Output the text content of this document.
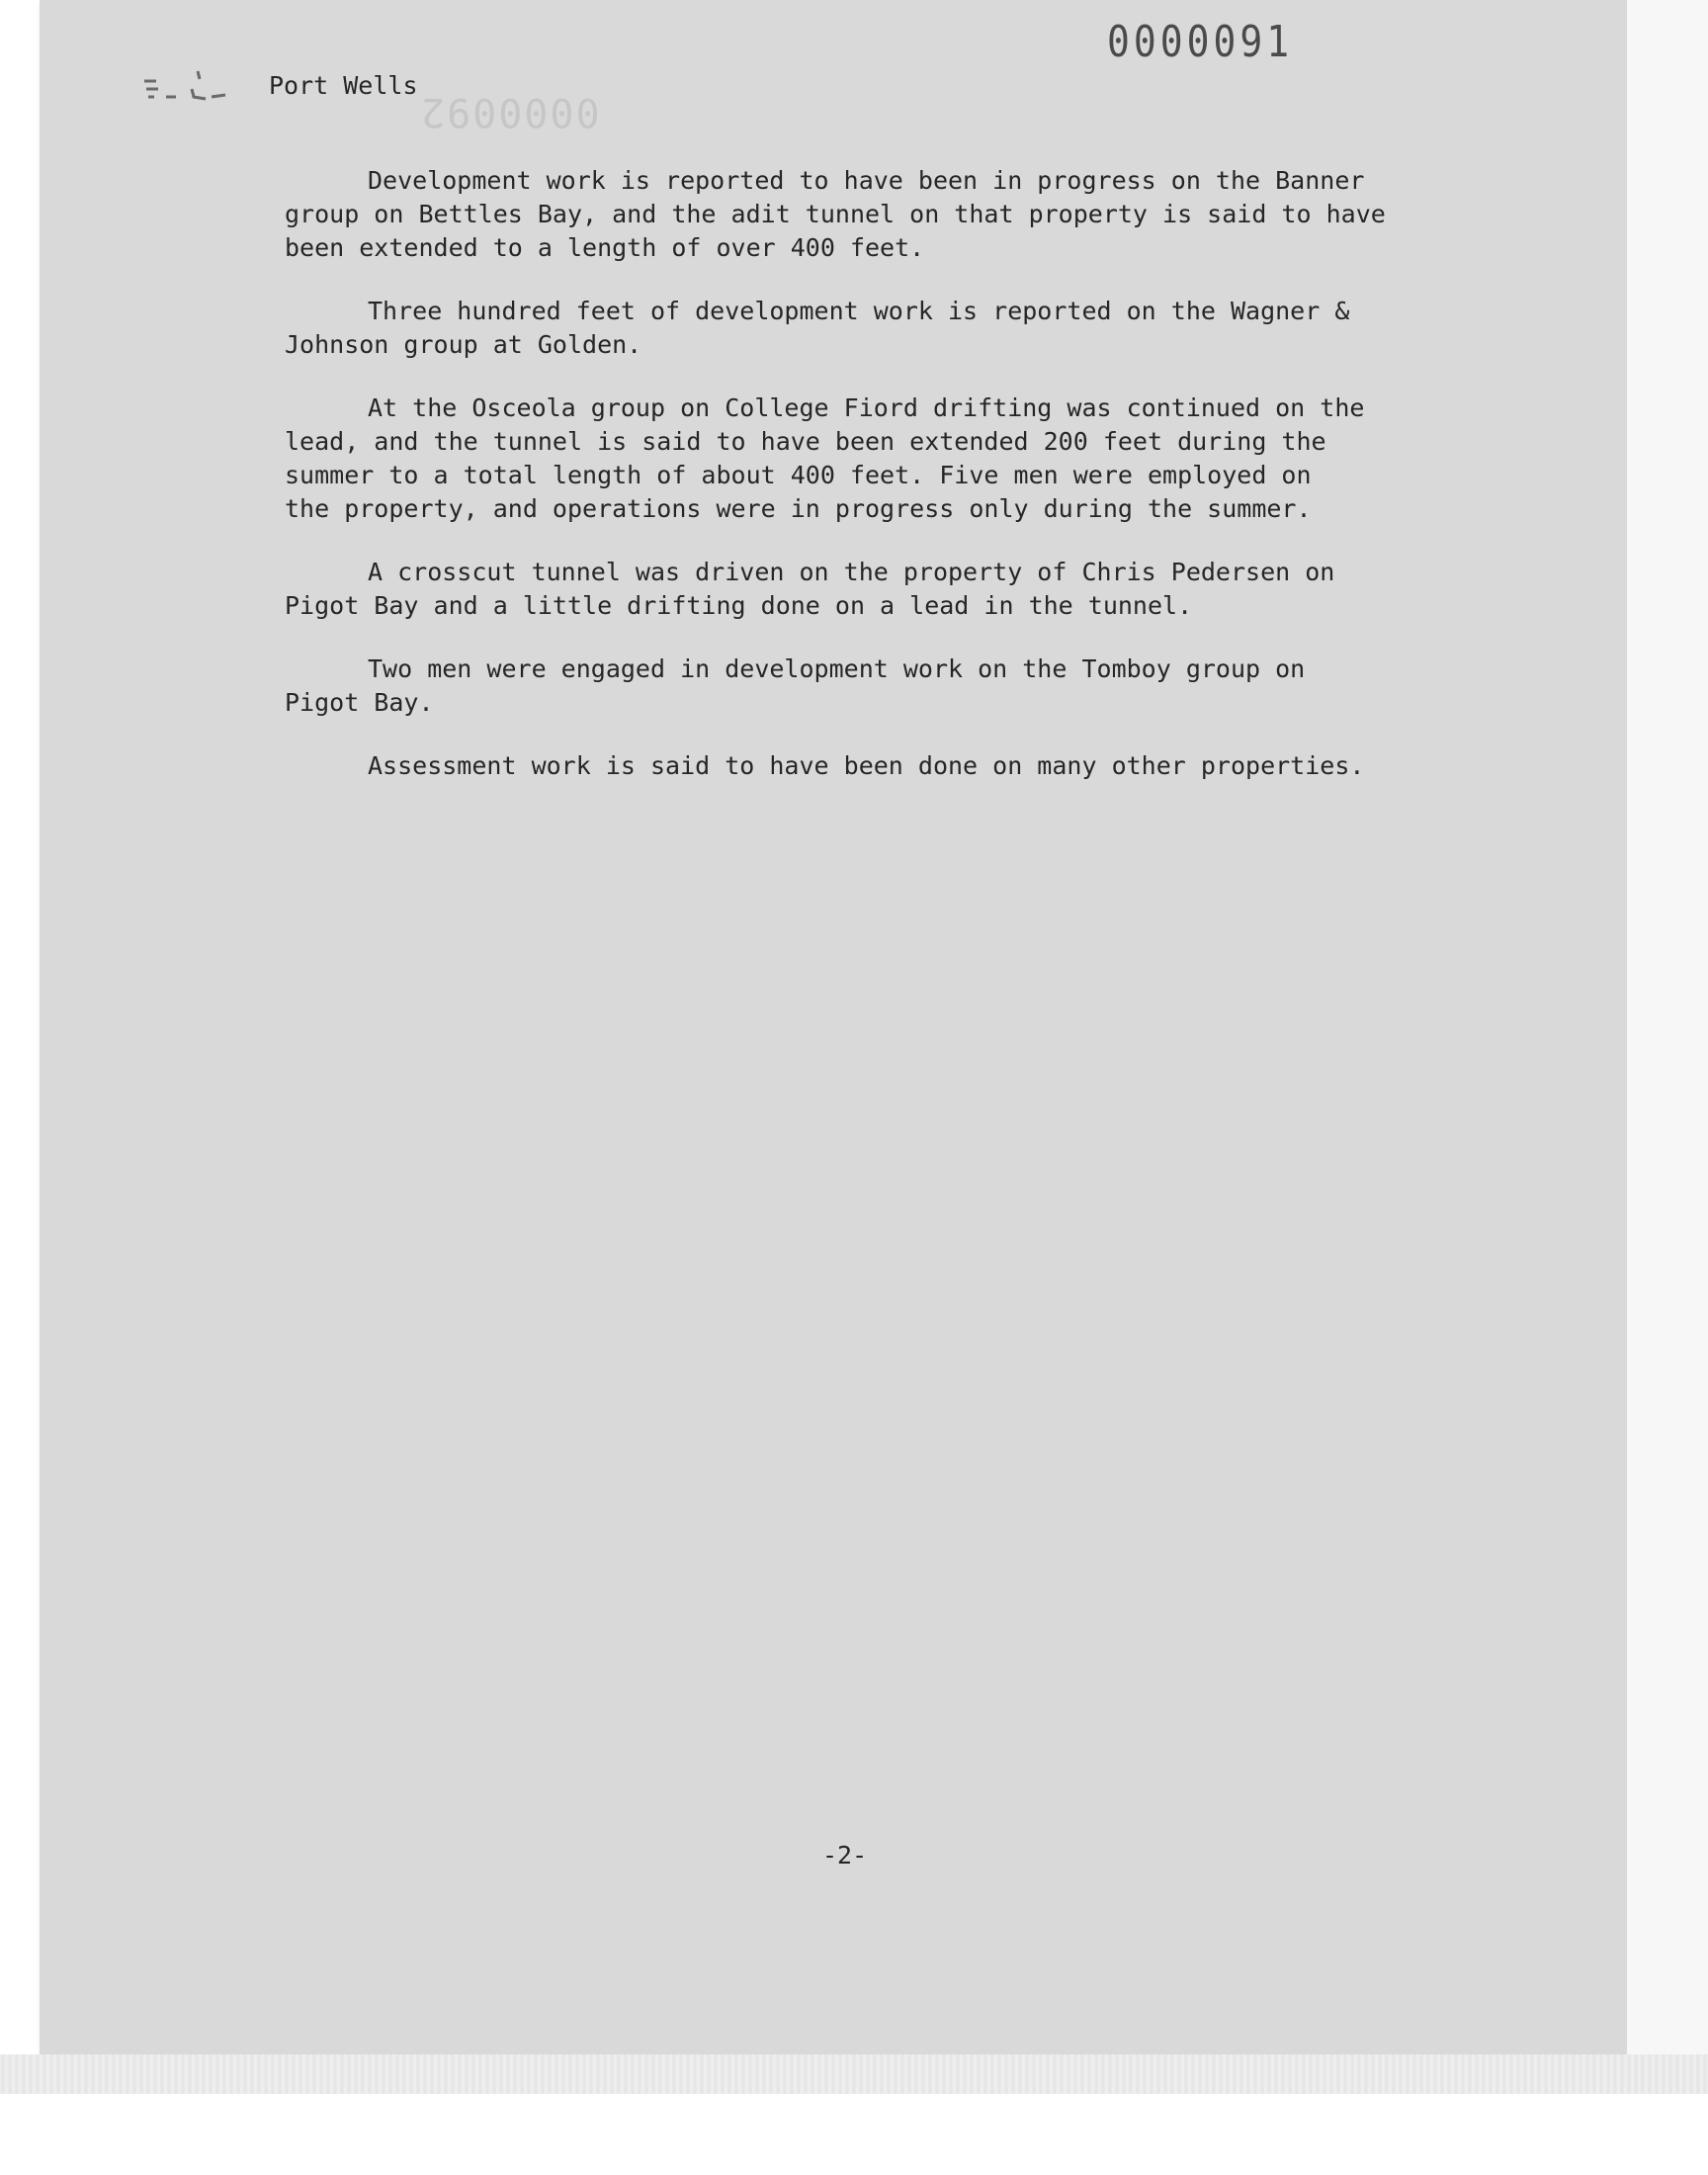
0000092
0000091
Port Wells

Development work is reported to have been in progress on the Banner
group on Bettles Bay, and the adit tunnel on that property is said to have
been extended to a length of over 400 feet.

Three hundred feet of development work is reported on the Wagner &
Johnson group at Golden.

At the Osceola group on College Fiord drifting was continued on the
lead, and the tunnel is said to have been extended 200 feet during the
summer to a total length of about 400 feet. Five men were employed on
the property, and operations were in progress only during the summer.

A crosscut tunnel was driven on the property of Chris Pedersen on
Pigot Bay and a little drifting done on a lead in the tunnel.

Two men were engaged in development work on the Tomboy group on
Pigot Bay.

Assessment work is said to have been done on many other properties.

-2-
